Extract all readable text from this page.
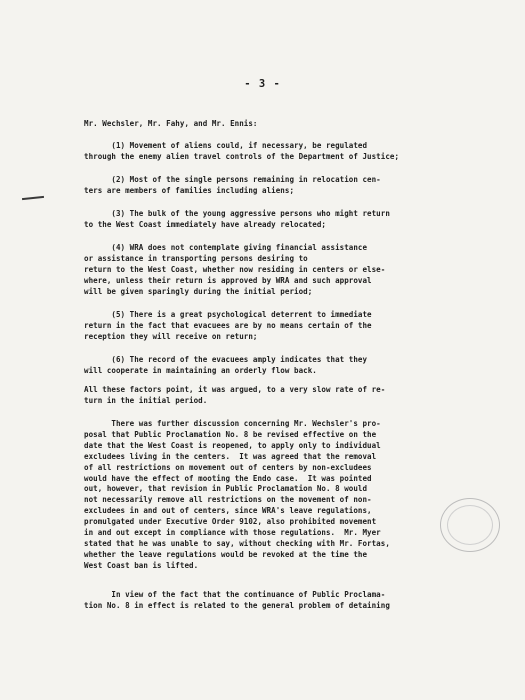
- 3 -
Mr. Wechsler, Mr. Fahy, and Mr. Ennis:
(1) Movement of aliens could, if necessary, be regulated
through the enemy alien travel controls of the Department of Justice;
(2) Most of the single persons remaining in relocation cen-
ters are members of families including aliens;
(3) The bulk of the young aggressive persons who might return
to the West Coast immediately have already relocated;
(4) WRA does not contemplate giving financial assistance
or assistance in transporting persons desiring to
return to the West Coast, whether now residing in centers or else-
where, unless their return is approved by WRA and such approval
will be given sparingly during the initial period;
(5) There is a great psychological deterrent to immediate
return in the fact that evacuees are by no means certain of the
reception they will receive on return;
(6) The record of the evacuees amply indicates that they
will cooperate in maintaining an orderly flow back.
All these factors point, it was argued, to a very slow rate of re-
turn in the initial period.
There was further discussion concerning Mr. Wechsler's pro-
posal that Public Proclamation No. 8 be revised effective on the
date that the West Coast is reopened, to apply only to individual
excludees living in the centers.  It was agreed that the removal
of all restrictions on movement out of centers by non-excludees
would have the effect of mooting the Endo case.  It was pointed
out, however, that revision in Public Proclamation No. 8 would
not necessarily remove all restrictions on the movement of non-
excludees in and out of centers, since WRA's leave regulations,
promulgated under Executive Order 9102, also prohibited movement
in and out except in compliance with those regulations.  Mr. Myer
stated that he was unable to say, without checking with Mr. Fortas,
whether the leave regulations would be revoked at the time the
West Coast ban is lifted.
In view of the fact that the continuance of Public Proclama-
tion No. 8 in effect is related to the general problem of detaining
